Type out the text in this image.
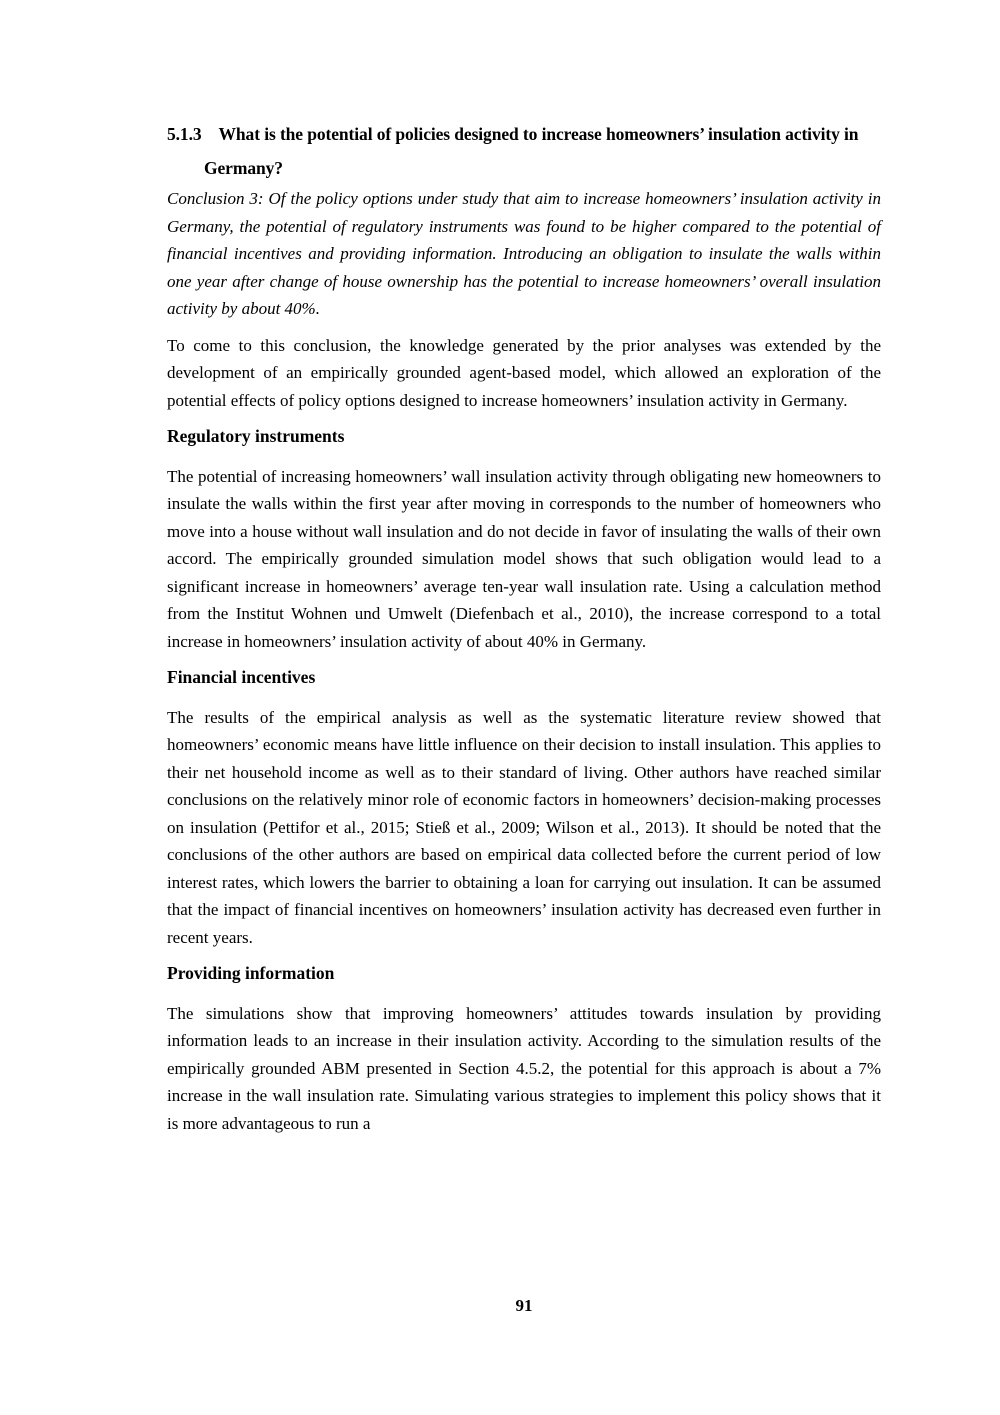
5.1.3 What is the potential of policies designed to increase homeowners’ insulation activity in Germany?

Conclusion 3: Of the policy options under study that aim to increase homeowners’ insulation activity in Germany, the potential of regulatory instruments was found to be higher compared to the potential of financial incentives and providing information. Introducing an obligation to insulate the walls within one year after change of house ownership has the potential to increase homeowners’ overall insulation activity by about 40%.

To come to this conclusion, the knowledge generated by the prior analyses was extended by the development of an empirically grounded agent-based model, which allowed an exploration of the potential effects of policy options designed to increase homeowners’ insulation activity in Germany.

Regulatory instruments

The potential of increasing homeowners’ wall insulation activity through obligating new homeowners to insulate the walls within the first year after moving in corresponds to the number of homeowners who move into a house without wall insulation and do not decide in favor of insulating the walls of their own accord. The empirically grounded simulation model shows that such obligation would lead to a significant increase in homeowners’ average ten-year wall insulation rate. Using a calculation method from the Institut Wohnen und Umwelt (Diefenbach et al., 2010), the increase correspond to a total increase in homeowners’ insulation activity of about 40% in Germany.

Financial incentives

The results of the empirical analysis as well as the systematic literature review showed that homeowners’ economic means have little influence on their decision to install insulation. This applies to their net household income as well as to their standard of living. Other authors have reached similar conclusions on the relatively minor role of economic factors in homeowners’ decision-making processes on insulation (Pettifor et al., 2015; Stieß et al., 2009; Wilson et al., 2013). It should be noted that the conclusions of the other authors are based on empirical data collected before the current period of low interest rates, which lowers the barrier to obtaining a loan for carrying out insulation. It can be assumed that the impact of financial incentives on homeowners’ insulation activity has decreased even further in recent years.

Providing information

The simulations show that improving homeowners’ attitudes towards insulation by providing information leads to an increase in their insulation activity. According to the simulation results of the empirically grounded ABM presented in Section 4.5.2, the potential for this approach is about a 7% increase in the wall insulation rate. Simulating various strategies to implement this policy shows that it is more advantageous to run a

91
